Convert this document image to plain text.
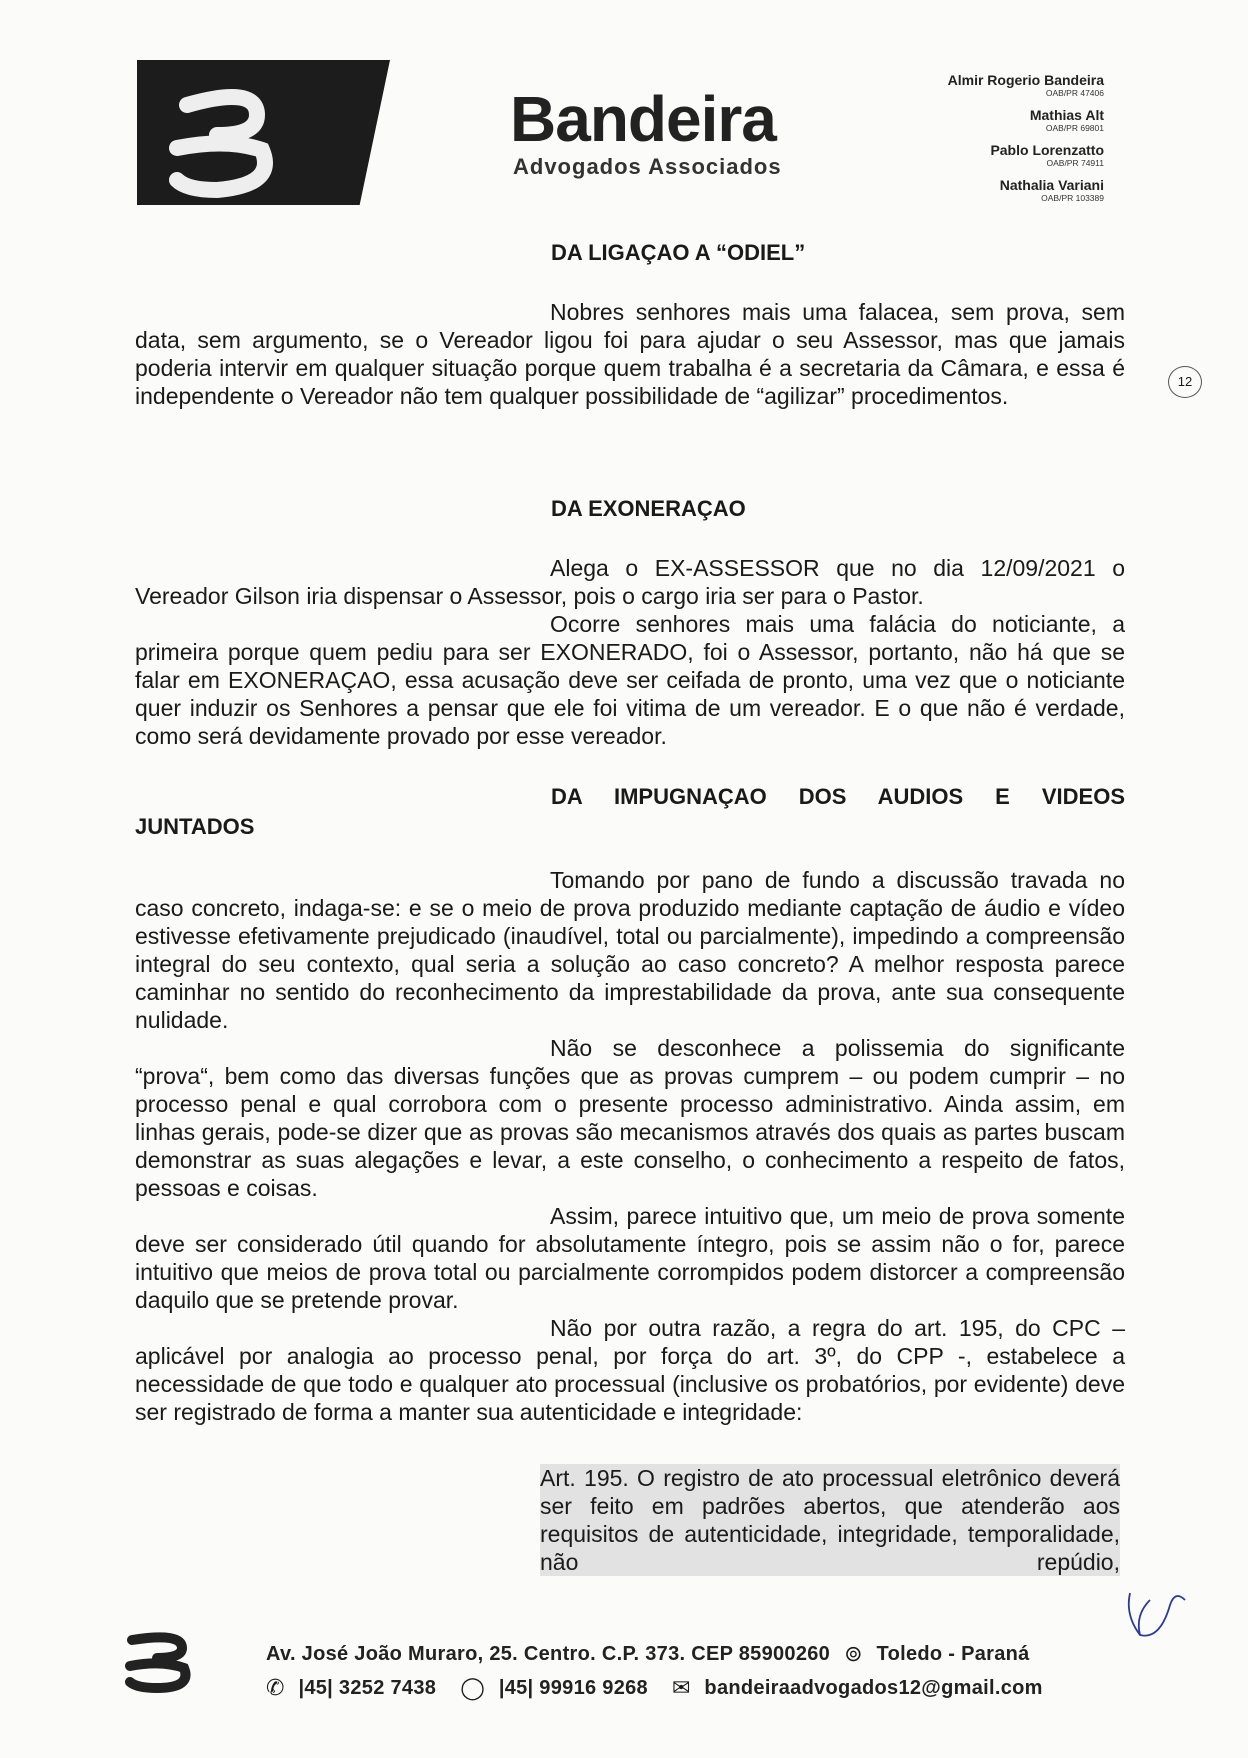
Bandeira
Advogados Associados
Almir Rogerio Bandeira
OAB/PR 47406
Mathias Alt
OAB/PR 69801
Pablo Lorenzatto
OAB/PR 74911
Nathalia Variani
OAB/PR 103389
12
DA LIGAÇAO A “ODIEL”

Nobres senhores mais uma falacea, sem prova, sem data, sem argumento, se o Vereador ligou foi para ajudar o seu Assessor, mas que jamais poderia intervir em qualquer situação porque quem trabalha é a secretaria da Câmara, e essa é independente o Vereador não tem qualquer possibilidade de “agilizar” procedimentos.

DA EXONERAÇAO

Alega o EX-ASSESSOR que no dia 12/09/2021 o Vereador Gilson iria dispensar o Assessor, pois o cargo iria ser para o Pastor.

Ocorre senhores mais uma falácia do noticiante, a primeira porque quem pediu para ser EXONERADO, foi o Assessor, portanto, não há que se falar em EXONERAÇAO, essa acusação deve ser ceifada de pronto, uma vez que o noticiante quer induzir os Senhores a pensar que ele foi vitima de um vereador. E o que não é verdade, como será devidamente provado por esse vereador.

DA IMPUGNAÇAO DOS AUDIOS E VIDEOS
JUNTADOS

Tomando por pano de fundo a discussão travada no caso concreto, indaga-se: e se o meio de prova produzido mediante captação de áudio e vídeo estivesse efetivamente prejudicado (inaudível, total ou parcialmente), impedindo a compreensão integral do seu contexto, qual seria a solução ao caso concreto? A melhor resposta parece caminhar no sentido do reconhecimento da imprestabilidade da prova, ante sua consequente nulidade.

Não se desconhece a polissemia do significante “prova“, bem como das diversas funções que as provas cumprem – ou podem cumprir – no processo penal e qual corrobora com o presente processo administrativo. Ainda assim, em linhas gerais, pode-se dizer que as provas são mecanismos através dos quais as partes buscam demonstrar as suas alegações e levar, a este conselho, o conhecimento a respeito de fatos, pessoas e coisas.

Assim, parece intuitivo que, um meio de prova somente deve ser considerado útil quando for absolutamente íntegro, pois se assim não o for, parece intuitivo que meios de prova total ou parcialmente corrompidos podem distorcer a compreensão daquilo que se pretende provar.

Não por outra razão, a regra do art. 195, do CPC – aplicável por analogia ao processo penal, por força do art. 3º, do CPP -, estabelece a necessidade de que todo e qualquer ato processual (inclusive os probatórios, por evidente) deve ser registrado de forma a manter sua autenticidade e integridade:

Art. 195. O registro de ato processual eletrônico deverá ser feito em padrões abertos, que atenderão aos requisitos de autenticidade, integridade, temporalidade, não repúdio,
Av. José João Muraro, 25. Centro. C.P. 373. CEP 85900260 ⊚ Toledo - Paraná
✆ |45| 3252 7438 ◯ |45| 99916 9268 ✉ bandeiraadvogados12@gmail.com
